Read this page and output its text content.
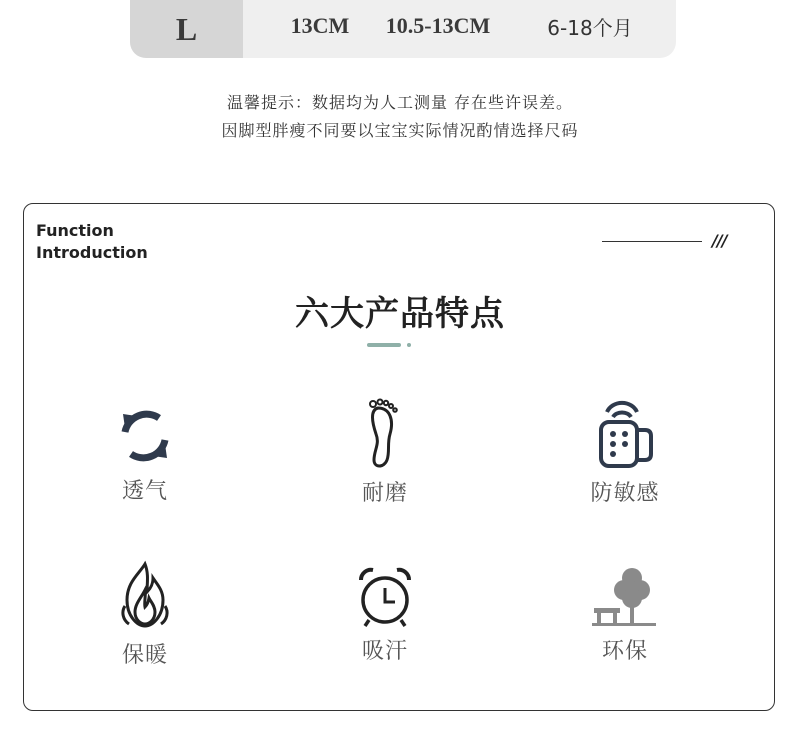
L	13CM 10.5-13CM	6-18个月
温馨提示：数据均为人工测量 存在些许误差。
因脚型胖瘦不同要以宝宝实际情况酌情选择尺码
Function
Introduction
///
六大产品特点
透气	耐磨	防敏感
保暖	吸汗	环保
